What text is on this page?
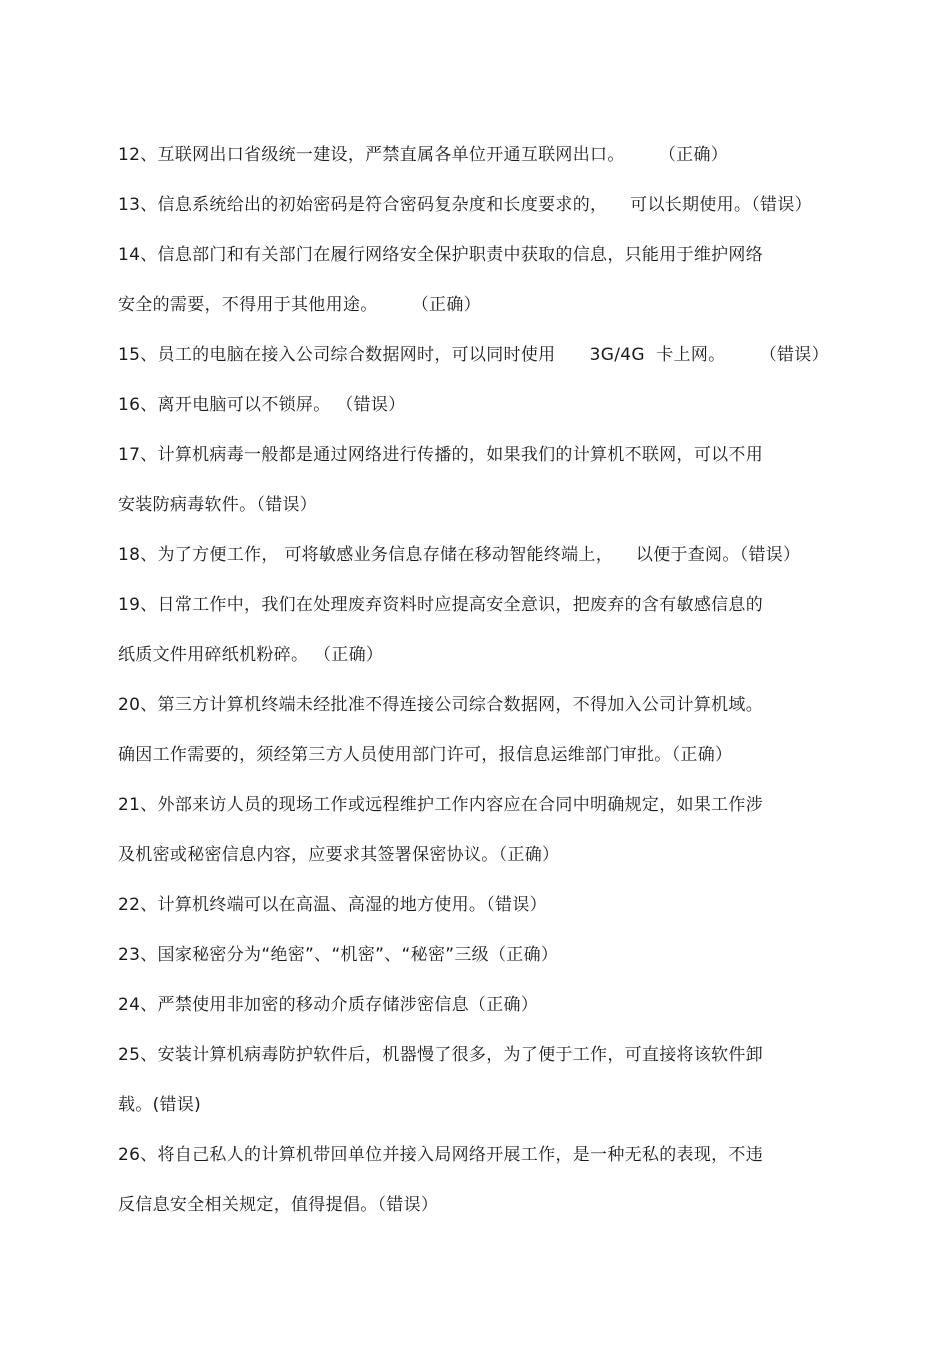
12、互联网出口省级统一建设，严禁直属各单位开通互联网出口。      （正确）
13、信息系统给出的初始密码是符合密码复杂度和长度要求的，    可以长期使用。（错误）
14、信息部门和有关部门在履行网络安全保护职责中获取的信息，只能用于维护网络
安全的需要，不得用于其他用途。      （正确）
15、员工的电脑在接入公司综合数据网时，可以同时使用      3G/4G  卡上网。      （错误）
16、离开电脑可以不锁屏。 （错误）
17、计算机病毒一般都是通过网络进行传播的，如果我们的计算机不联网，可以不用
安装防病毒软件。（错误）
18、为了方便工作， 可将敏感业务信息存储在移动智能终端上，    以便于查阅。（错误）
19、日常工作中，我们在处理废弃资料时应提高安全意识，把废弃的含有敏感信息的
纸质文件用碎纸机粉碎。 （正确）
20、第三方计算机终端未经批准不得连接公司综合数据网，不得加入公司计算机域。
确因工作需要的，须经第三方人员使用部门许可，报信息运维部门审批。（正确）
21、外部来访人员的现场工作或远程维护工作内容应在合同中明确规定，如果工作涉
及机密或秘密信息内容，应要求其签署保密协议。（正确）
22、计算机终端可以在高温、高湿的地方使用。（错误）
23、国家秘密分为“绝密”、“机密”、“秘密”三级（正确）
24、严禁使用非加密的移动介质存储涉密信息（正确）
25、安装计算机病毒防护软件后，机器慢了很多，为了便于工作，可直接将该软件卸
载。(错误)
26、将自己私人的计算机带回单位并接入局网络开展工作，是一种无私的表现，不违
反信息安全相关规定，值得提倡。（错误）
